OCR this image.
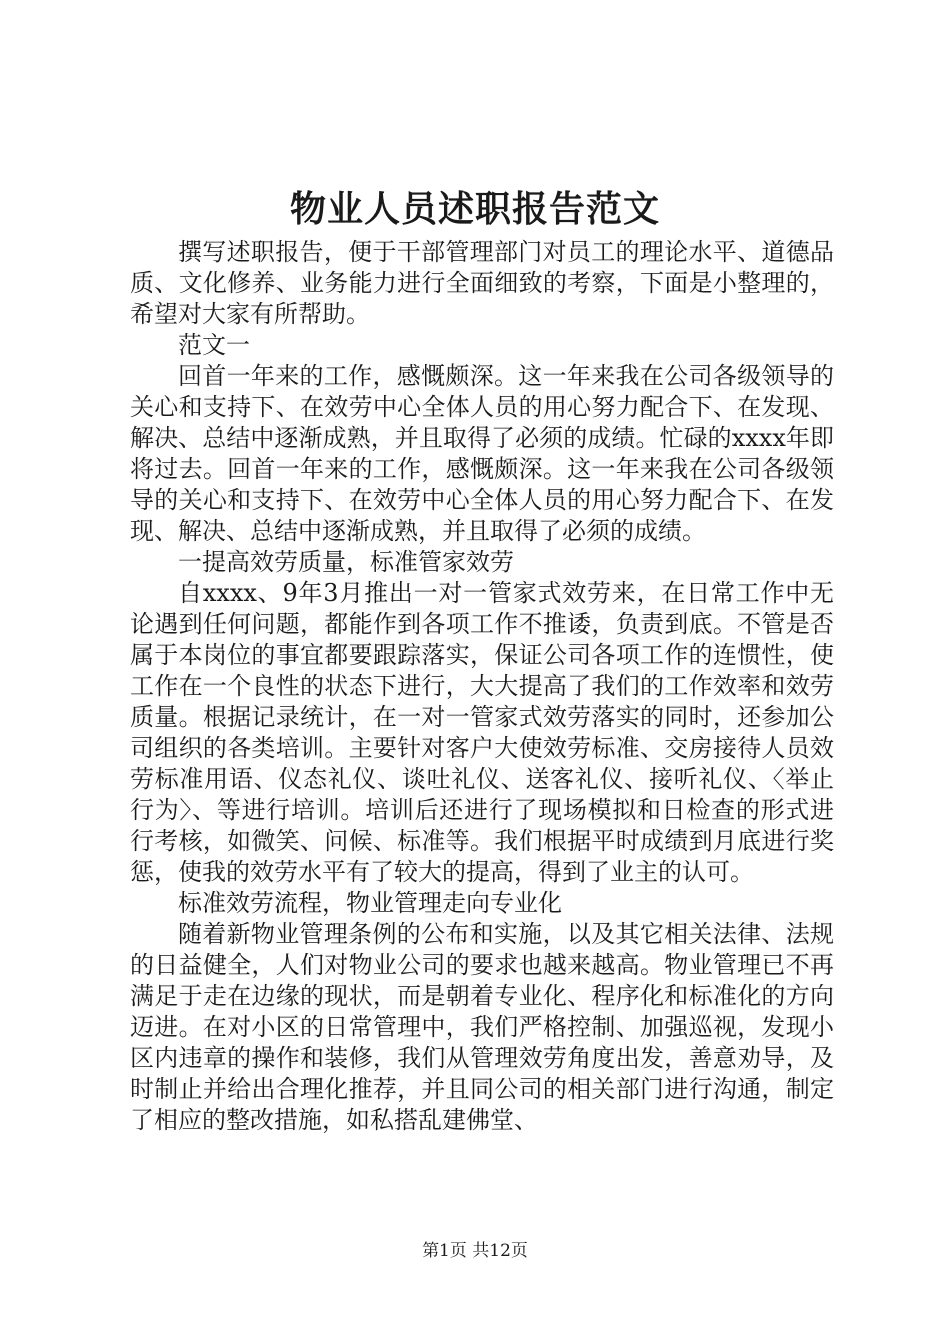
物业人员述职报告范文

撰写述职报告，便于干部管理部门对员工的理论水平、道德品质、文化修养、业务能力进行全面细致的考察，下面是小整理的，希望对大家有所帮助。

范文一

回首一年来的工作，感慨颇深。这一年来我在公司各级领导的关心和支持下、在效劳中心全体人员的用心努力配合下、在发现、解决、总结中逐渐成熟，并且取得了必须的成绩。忙碌的xxxx年即将过去。回首一年来的工作，感慨颇深。这一年来我在公司各级领导的关心和支持下、在效劳中心全体人员的用心努力配合下、在发现、解决、总结中逐渐成熟，并且取得了必须的成绩。

一提高效劳质量，标准管家效劳

自xxxx、9年3月推出一对一管家式效劳来，在日常工作中无论遇到任何问题，都能作到各项工作不推诿，负责到底。不管是否属于本岗位的事宜都要跟踪落实，保证公司各项工作的连惯性，使工作在一个良性的状态下进行，大大提高了我们的工作效率和效劳质量。根据记录统计，在一对一管家式效劳落实的同时，还参加公司组织的各类培训。主要针对客户大使效劳标准、交房接待人员效劳标准用语、仪态礼仪、谈吐礼仪、送客礼仪、接听礼仪、〈举止行为〉、等进行培训。培训后还进行了现场模拟和日检查的形式进行考核，如微笑、问候、标准等。我们根据平时成绩到月底进行奖惩，使我的效劳水平有了较大的提高，得到了业主的认可。

标准效劳流程，物业管理走向专业化

随着新物业管理条例的公布和实施，以及其它相关法律、法规的日益健全，人们对物业公司的要求也越来越高。物业管理已不再满足于走在边缘的现状，而是朝着专业化、程序化和标准化的方向迈进。在对小区的日常管理中，我们严格控制、加强巡视，发现小区内违章的操作和装修，我们从管理效劳角度出发，善意劝导，及时制止并给出合理化推荐，并且同公司的相关部门进行沟通，制定了相应的整改措施，如私搭乱建佛堂、

第1页 共12页
